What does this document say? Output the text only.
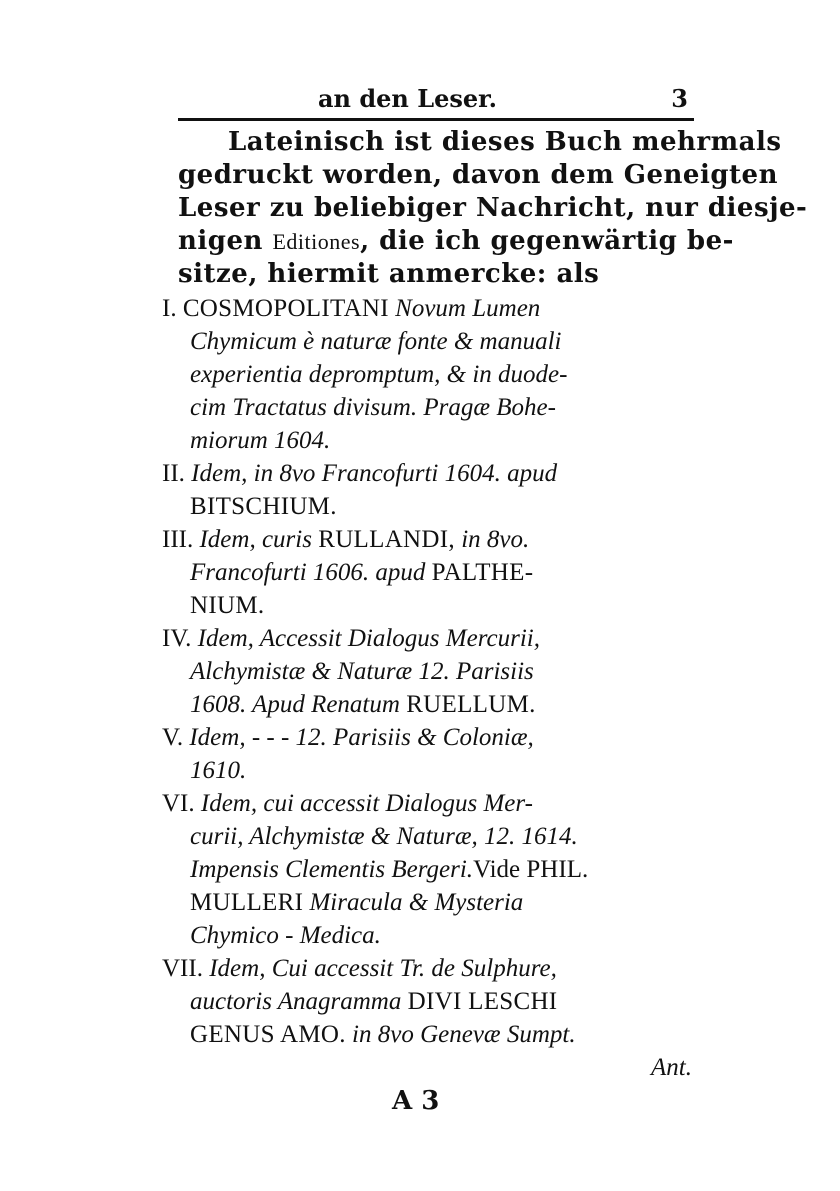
an den Leser.	3
Lateinisch ist dieses Buch mehrmals
gedruckt worden, davon dem Geneigten
Leser zu beliebiger Nachricht, nur diesje-
nigen Editiones, die ich gegenwärtig be-
sitze, hiermit anmercke: als
I. COSMOPOLITANI Novum Lumen
Chymicum è naturæ fonte & manuali
experientia depromptum, & in duode-
cim Tractatus divisum. Pragæ Bohe-
miorum 1604.
II. Idem, in 8vo Francofurti 1604. apud
BITSCHIUM.
III. Idem, curis RULLANDI, in 8vo.
Francofurti 1606. apud PALTHE-
NIUM.
IV. Idem, Accessit Dialogus Mercurii,
Alchymistæ & Naturæ 12. Parisiis
1608. Apud Renatum RUELLUM.
V. Idem, - - - 12. Parisiis & Coloniæ,
1610.
VI. Idem, cui accessit Dialogus Mer-
curii, Alchymistæ & Naturæ, 12. 1614.
Impensis Clementis Bergeri.Vide PHIL.
MULLERI Miracula & Mysteria
Chymico - Medica.
VII. Idem, Cui accessit Tr. de Sulphure,
auctoris Anagramma DIVI LESCHI
GENUS AMO. in 8vo Genevæ Sumpt.
Ant.
A 3
